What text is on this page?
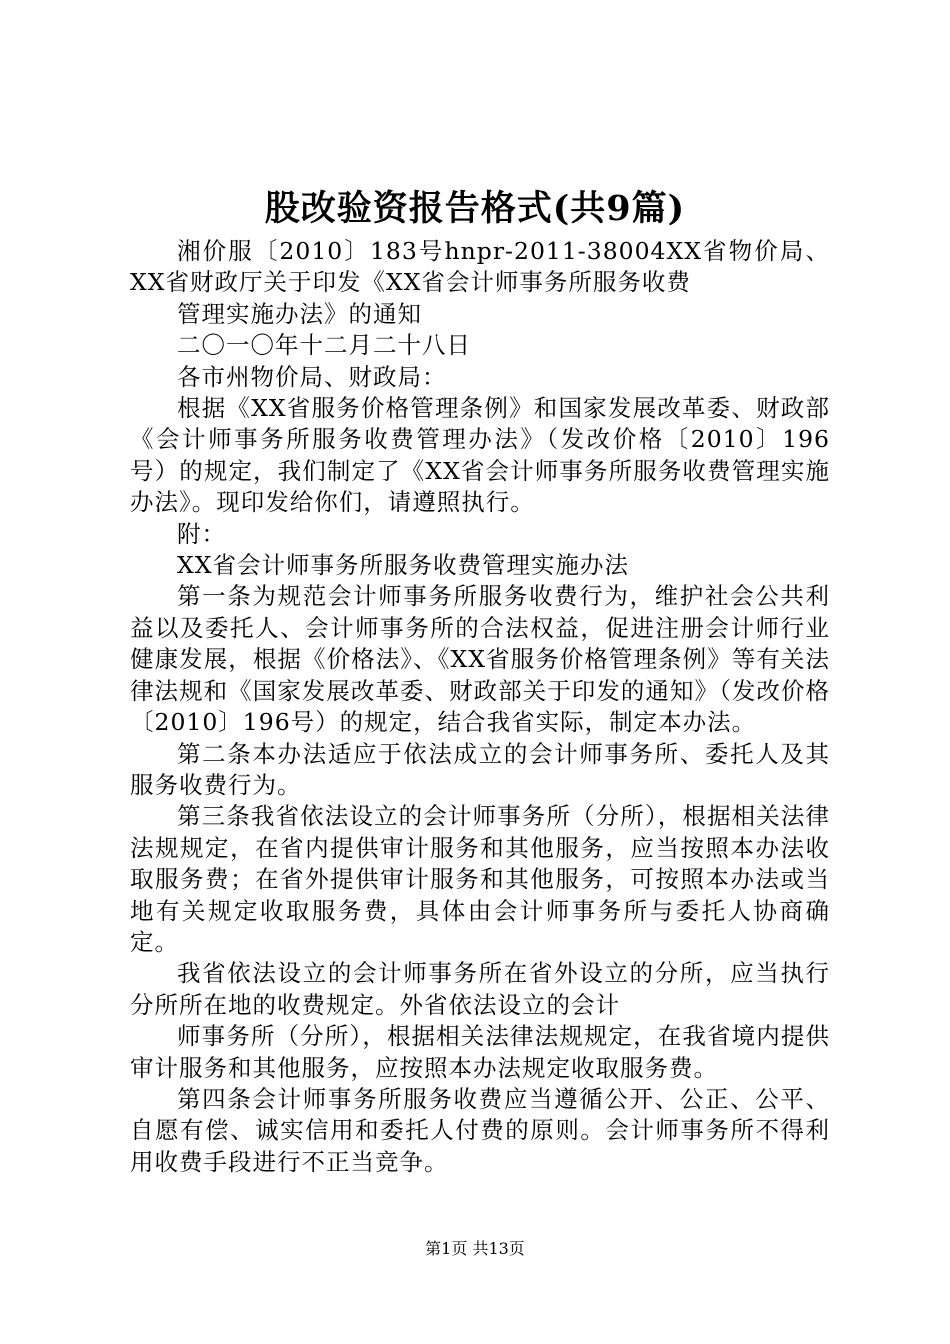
股改验资报告格式(共9篇)

湘价服〔2010〕183号hnpr-2011-38004XX省物价局、XX省财政厅关于印发《XX省会计师事务所服务收费

管理实施办法》的通知

二〇一〇年十二月二十八日

各市州物价局、财政局：

根据《XX省服务价格管理条例》和国家发展改革委、财政部《会计师事务所服务收费管理办法》（发改价格〔2010〕196号）的规定，我们制定了《XX省会计师事务所服务收费管理实施办法》。现印发给你们，请遵照执行。

附：

XX省会计师事务所服务收费管理实施办法

第一条为规范会计师事务所服务收费行为，维护社会公共利益以及委托人、会计师事务所的合法权益，促进注册会计师行业健康发展，根据《价格法》、《XX省服务价格管理条例》等有关法律法规和《国家发展改革委、财政部关于印发的通知》（发改价格〔2010〕196号）的规定，结合我省实际，制定本办法。

第二条本办法适应于依法成立的会计师事务所、委托人及其服务收费行为。

第三条我省依法设立的会计师事务所（分所），根据相关法律法规规定，在省内提供审计服务和其他服务，应当按照本办法收取服务费；在省外提供审计服务和其他服务，可按照本办法或当地有关规定收取服务费，具体由会计师事务所与委托人协商确定。

我省依法设立的会计师事务所在省外设立的分所，应当执行分所所在地的收费规定。外省依法设立的会计

师事务所（分所），根据相关法律法规规定，在我省境内提供审计服务和其他服务，应按照本办法规定收取服务费。

第四条会计师事务所服务收费应当遵循公开、公正、公平、自愿有偿、诚实信用和委托人付费的原则。会计师事务所不得利用收费手段进行不正当竞争。

第1页 共13页
